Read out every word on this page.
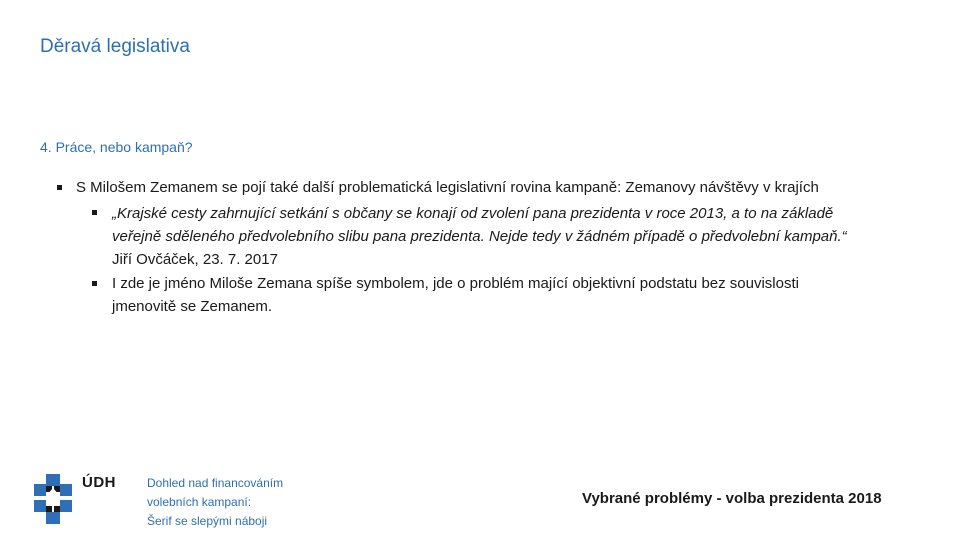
Děravá legislativa
4. Práce, nebo kampaň?
S Milošem Zemanem se pojí také další problematická legislativní rovina kampaně: Zemanovy návštěvy v krajích
„Krajské cesty zahrnující setkání s občany se konají od zvolení pana prezidenta v roce 2013, a to na základě
veřejně sděleného předvolebního slibu pana prezidenta. Nejde tedy v žádném případě o předvolební kampaň.“
Jiří Ovčáček, 23. 7. 2017
I zde je jméno Miloše Zemana spíše symbolem, jde o problém mající objektivní podstatu bez souvislosti
jmenovitě se Zemanem.
ÚDH	Dohled nad financováním
volebních kampaní:
Šerif se slepými náboji
Vybrané problémy - volba prezidenta 2018
